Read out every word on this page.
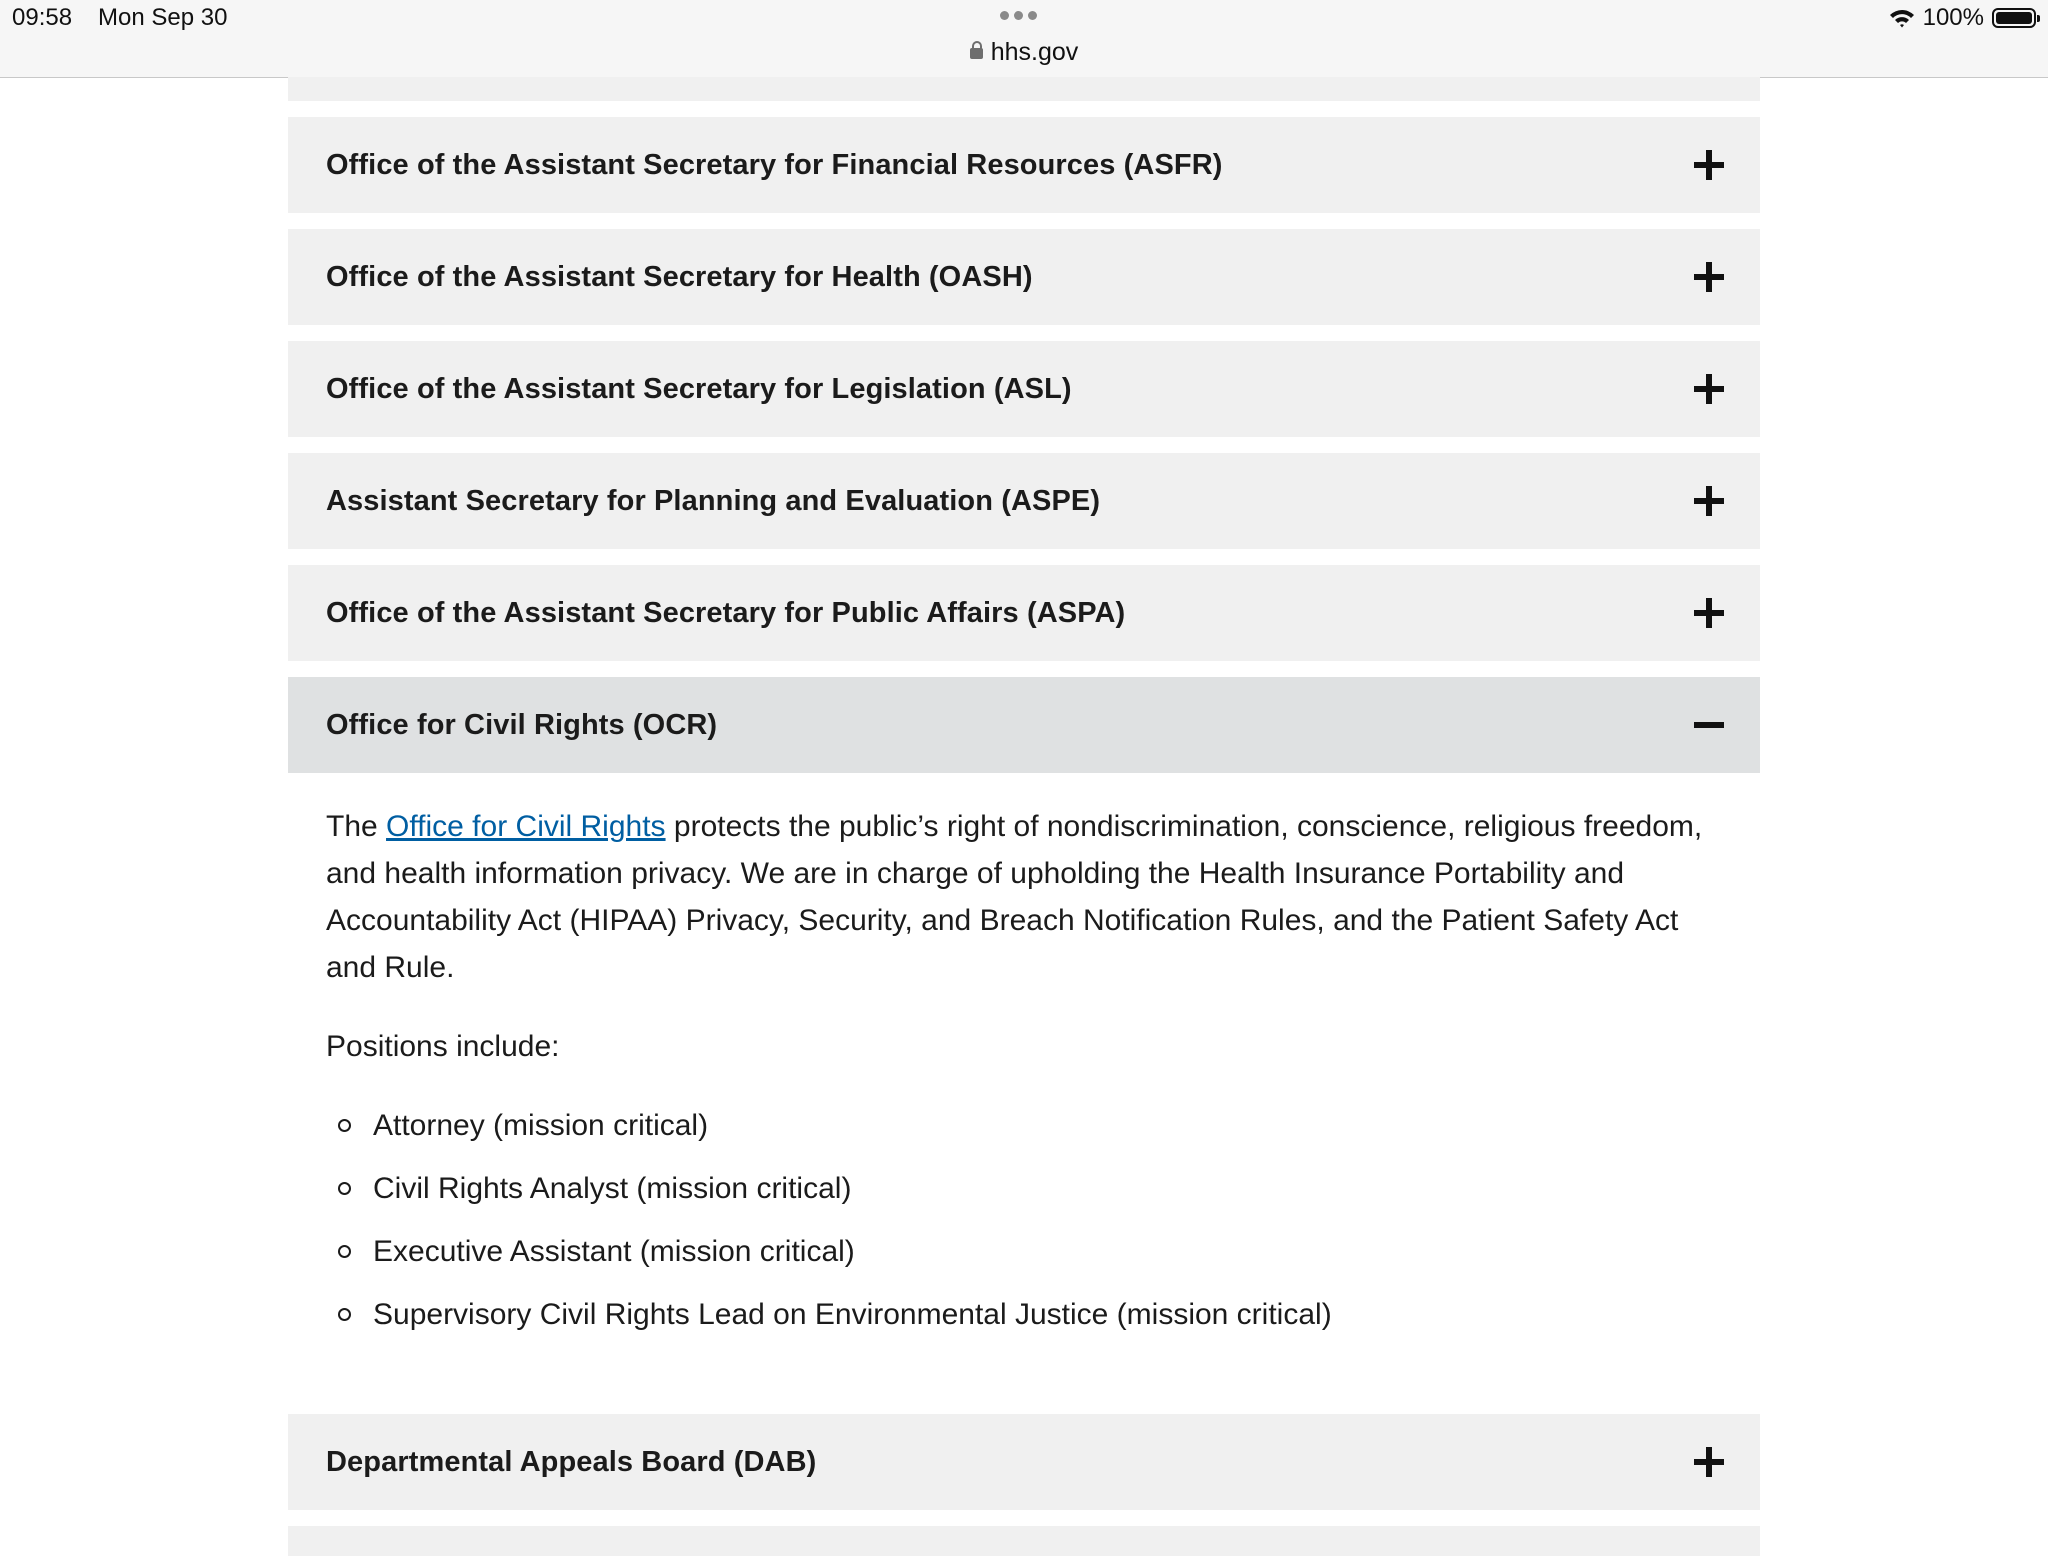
09:58 Mon Sep 30
hhs.gov
100%
Office of the Assistant Secretary for Financial Resources (ASFR)
Office of the Assistant Secretary for Health (OASH)
Office of the Assistant Secretary for Legislation (ASL)
Assistant Secretary for Planning and Evaluation (ASPE)
Office of the Assistant Secretary for Public Affairs (ASPA)
Office for Civil Rights (OCR)

The Office for Civil Rights protects the public’s right of nondiscrimination, conscience, religious freedom, and health information privacy. We are in charge of upholding the Health Insurance Portability and Accountability Act (HIPAA) Privacy, Security, and Breach Notification Rules, and the Patient Safety Act and Rule.

Positions include:

Attorney (mission critical)
Civil Rights Analyst (mission critical)
Executive Assistant (mission critical)
Supervisory Civil Rights Lead on Environmental Justice (mission critical)
Departmental Appeals Board (DAB)
